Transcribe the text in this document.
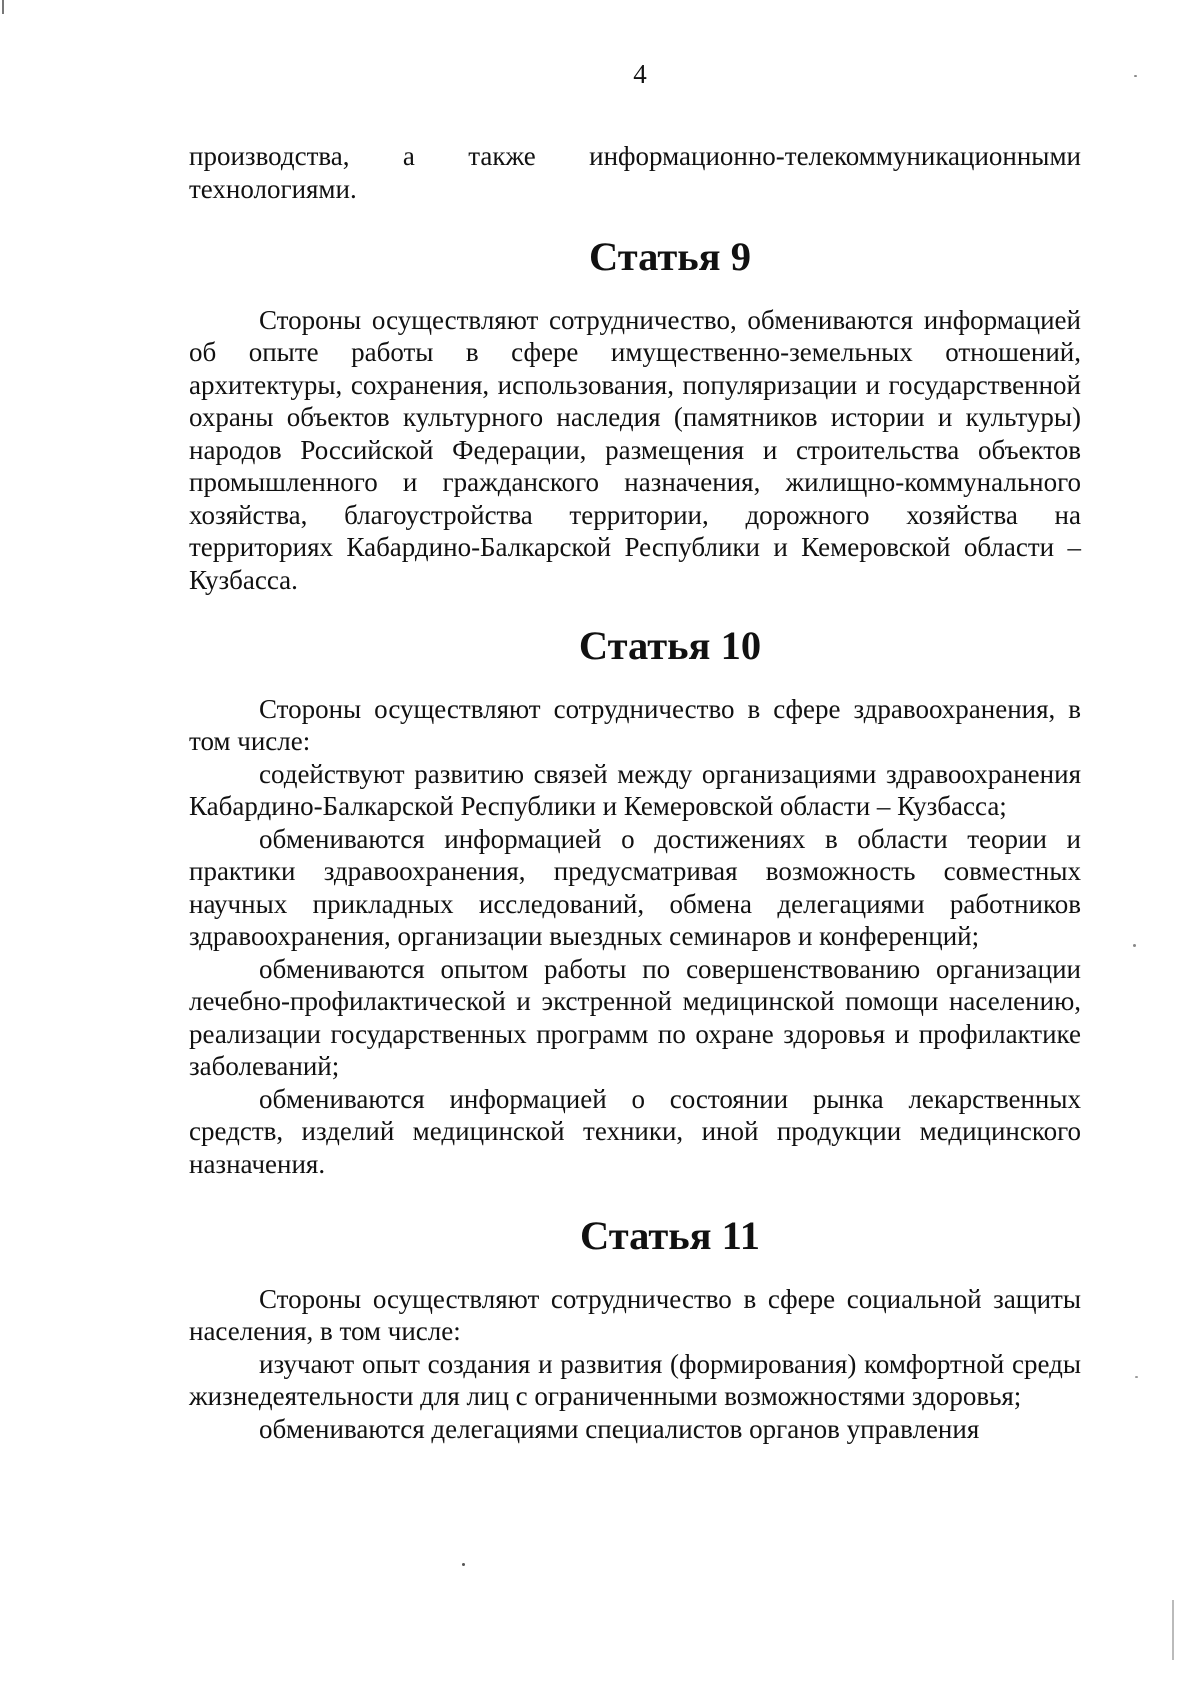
4

производства, а также информационно-телекоммуникационными технологиями.

Статья 9

Стороны осуществляют сотрудничество, обмениваются информацией об опыте работы в сфере имущественно-земельных отношений, архитектуры, сохранения, использования, популяризации и государственной охраны объектов культурного наследия (памятников истории и культуры) народов Российской Федерации, размещения и строительства объектов промышленного и гражданского назначения, жилищно-коммунального хозяйства, благоустройства территории, дорожного хозяйства на территориях Кабардино-Балкарской Республики и Кемеровской области – Кузбасса.

Статья 10

Стороны осуществляют сотрудничество в сфере здравоохранения, в том числе:

содействуют развитию связей между организациями здравоохранения Кабардино-Балкарской Республики и Кемеровской области – Кузбасса;

обмениваются информацией о достижениях в области теории и практики здравоохранения, предусматривая возможность совместных научных прикладных исследований, обмена делегациями работников здравоохранения, организации выездных семинаров и конференций;

обмениваются опытом работы по совершенствованию организации лечебно-профилактической и экстренной медицинской помощи населению, реализации государственных программ по охране здоровья и профилактике заболеваний;

обмениваются информацией о состоянии рынка лекарственных средств, изделий медицинской техники, иной продукции медицинского назначения.

Статья 11

Стороны осуществляют сотрудничество в сфере социальной защиты населения, в том числе:

изучают опыт создания и развития (формирования) комфортной среды жизнедеятельности для лиц с ограниченными возможностями здоровья;

обмениваются делегациями специалистов органов управления
